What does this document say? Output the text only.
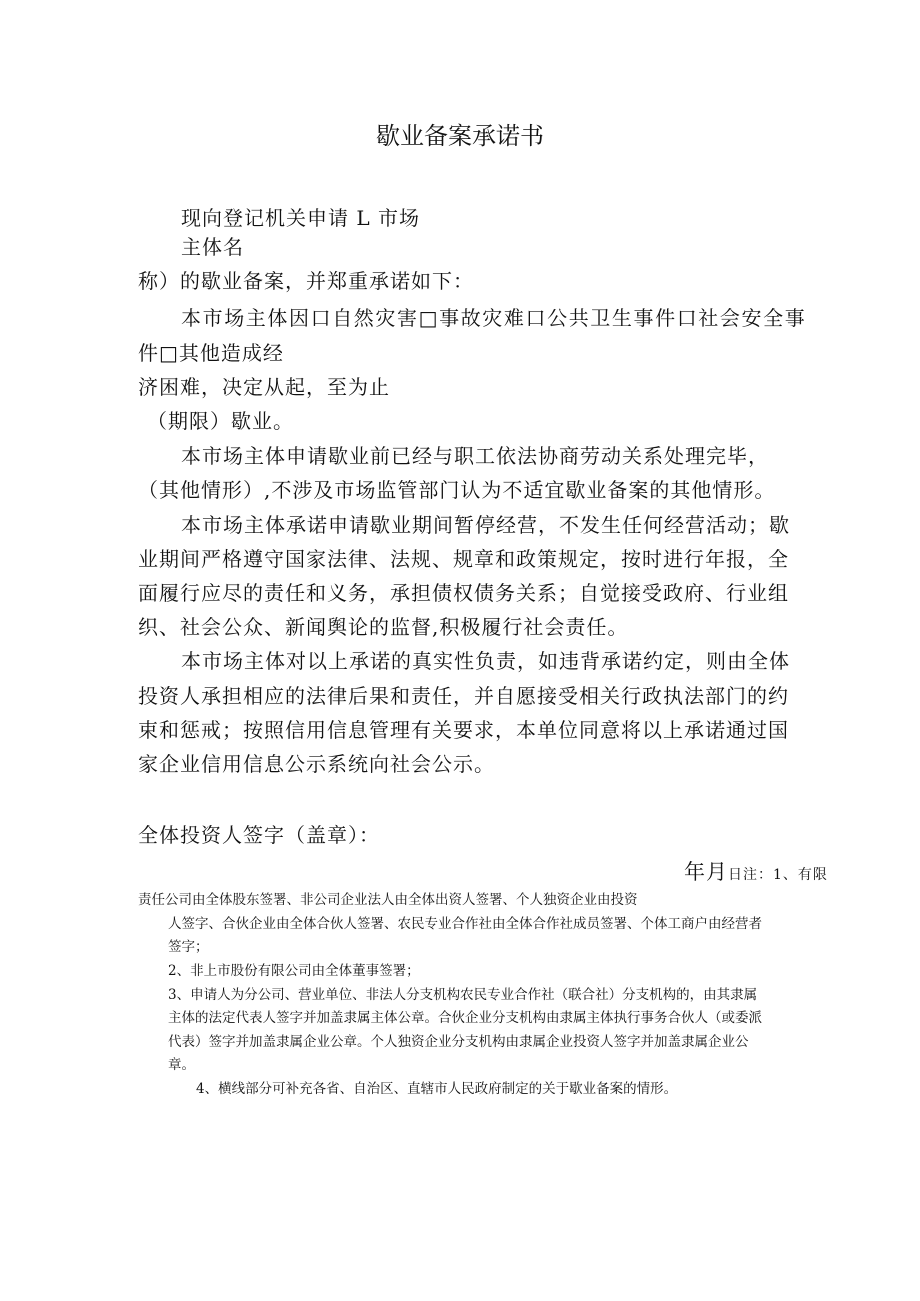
歇业备案承诺书
现向登记机关申请 L 市场
主体名
称）的歇业备案，并郑重承诺如下：
本市场主体因口自然灾害□事故灾难口公共卫生事件口社会安全事
件□其他造成经
济困难，决定从起，至为止
（期限）歇业。
本市场主体申请歇业前已经与职工依法协商劳动关系处理完毕，
（其他情形）,不涉及市场监管部门认为不适宜歇业备案的其他情形。
本市场主体承诺申请歇业期间暂停经营，不发生任何经营活动；歇
业期间严格遵守国家法律、法规、规章和政策规定，按时进行年报，全
面履行应尽的责任和义务，承担债权债务关系；自觉接受政府、行业组
织、社会公众、新闻舆论的监督,积极履行社会责任。
本市场主体对以上承诺的真实性负责，如违背承诺约定，则由全体
投资人承担相应的法律后果和责任，并自愿接受相关行政执法部门的约
束和惩戒；按照信用信息管理有关要求，本单位同意将以上承诺通过国
家企业信用信息公示系统向社会公示。
全体投资人签字（盖章）：
年月日注：1、有限
责任公司由全体股东签署、非公司企业法人由全体出资人签署、个人独资企业由投资
人签字、合伙企业由全体合伙人签署、农民专业合作社由全体合作社成员签署、个体工商户由经营者
签字；
2、非上市股份有限公司由全体董事签署；
3、申请人为分公司、营业单位、非法人分支机构农民专业合作社（联合社）分支机构的，由其隶属
主体的法定代表人签字并加盖隶属主体公章。合伙企业分支机构由隶属主体执行事务合伙人（或委派
代表）签字并加盖隶属企业公章。个人独资企业分支机构由隶属企业投资人签字并加盖隶属企业公
章。
4、横线部分可补充各省、自治区、直辖市人民政府制定的关于歇业备案的情形。
